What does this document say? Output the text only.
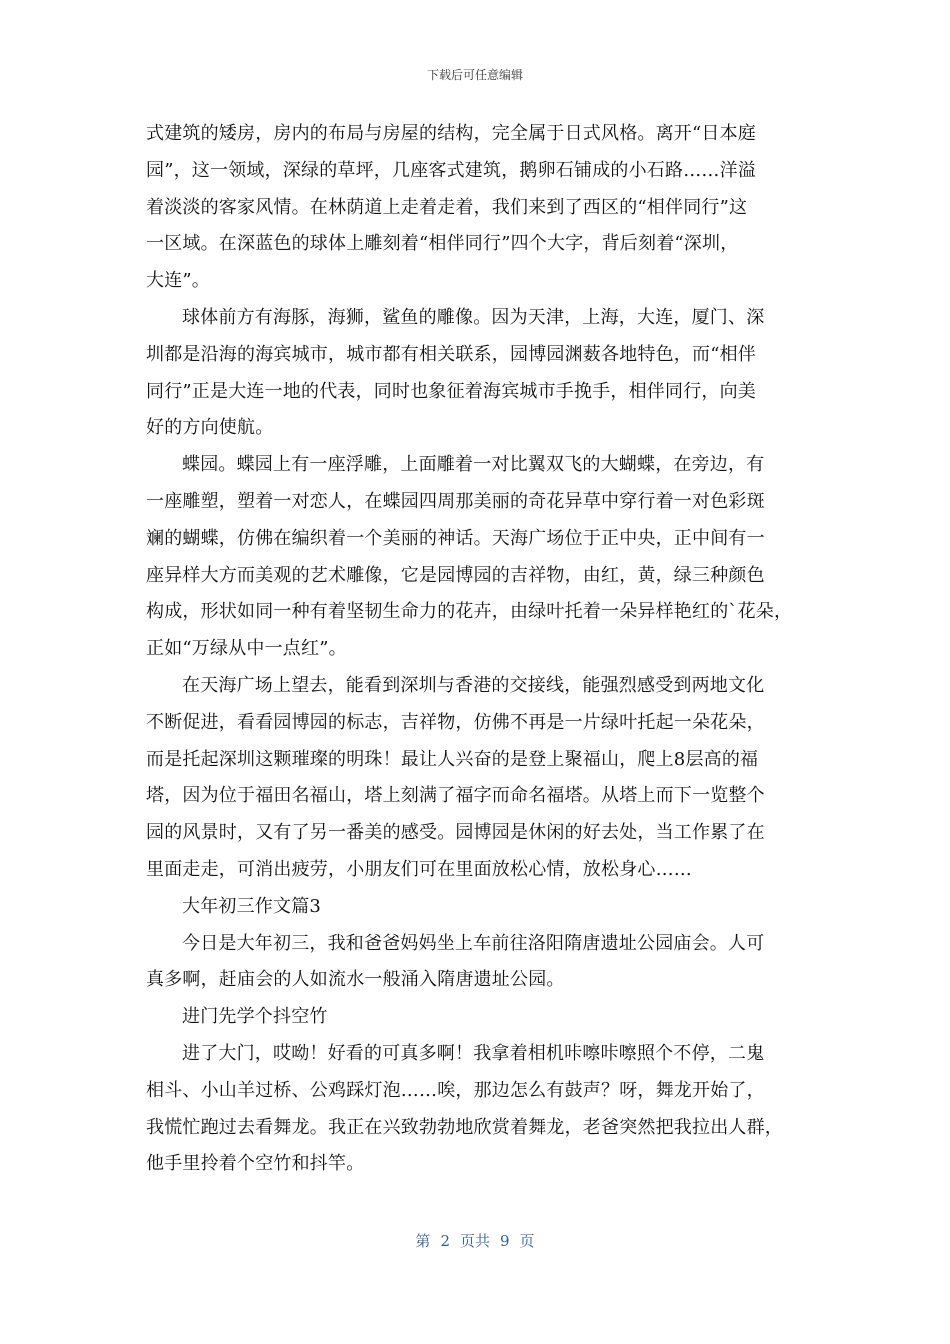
下载后可任意编辑
式建筑的矮房，房内的布局与房屋的结构，完全属于日式风格。离开“日本庭
园”，这一领域，深绿的草坪，几座客式建筑，鹅卵石铺成的小石路……洋溢
着淡淡的客家风情。在林荫道上走着走着，我们来到了西区的“相伴同行”这
一区域。在深蓝色的球体上雕刻着“相伴同行”四个大字，背后刻着“深圳，
大连”。
球体前方有海豚，海狮，鲨鱼的雕像。因为天津，上海，大连，厦门、深
圳都是沿海的海宾城市，城市都有相关联系，园博园渊薮各地特色，而“相伴
同行”正是大连一地的代表，同时也象征着海宾城市手挽手，相伴同行，向美
好的方向使航。
蝶园。蝶园上有一座浮雕，上面雕着一对比翼双飞的大蝴蝶，在旁边，有
一座雕塑，塑着一对恋人，在蝶园四周那美丽的奇花异草中穿行着一对色彩斑
斓的蝴蝶，仿佛在编织着一个美丽的神话。天海广场位于正中央，正中间有一
座异样大方而美观的艺术雕像，它是园博园的吉祥物，由红，黄，绿三种颜色
构成，形状如同一种有着坚韧生命力的花卉，由绿叶托着一朵异样艳红的`花朵，
正如“万绿从中一点红”。
在天海广场上望去，能看到深圳与香港的交接线，能强烈感受到两地文化
不断促进，看看园博园的标志，吉祥物，仿佛不再是一片绿叶托起一朵花朵，
而是托起深圳这颗璀璨的明珠！最让人兴奋的是登上聚福山，爬上8层高的福
塔，因为位于福田名福山，塔上刻满了福字而命名福塔。从塔上而下一览整个
园的风景时，又有了另一番美的感受。园博园是休闲的好去处，当工作累了在
里面走走，可消出疲劳，小朋友们可在里面放松心情，放松身心……
大年初三作文篇3
今日是大年初三，我和爸爸妈妈坐上车前往洛阳隋唐遗址公园庙会。人可
真多啊，赶庙会的人如流水一般涌入隋唐遗址公园。
进门先学个抖空竹
进了大门，哎呦！好看的可真多啊！我拿着相机咔嚓咔嚓照个不停，二鬼
相斗、小山羊过桥、公鸡踩灯泡……唉，那边怎么有鼓声？呀，舞龙开始了，
我慌忙跑过去看舞龙。我正在兴致勃勃地欣赏着舞龙，老爸突然把我拉出人群，
他手里拎着个空竹和抖竿。
第 2 页共 9 页
